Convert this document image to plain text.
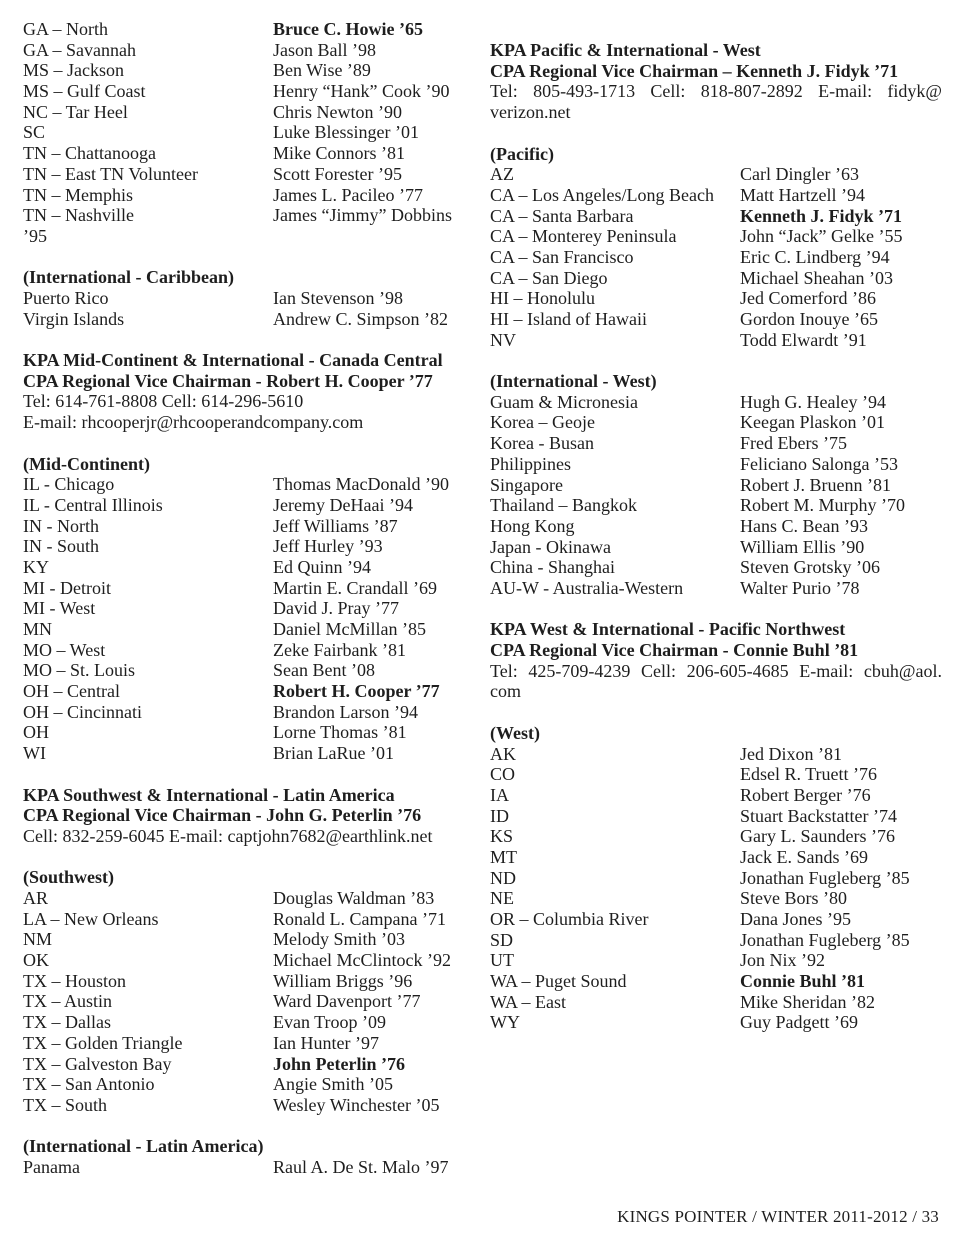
GA – North	Bruce C. Howie ’65
GA – Savannah	Jason Ball ’98
MS – Jackson	Ben Wise ’89
MS – Gulf Coast	Henry “Hank” Cook ’90
NC – Tar Heel	Chris Newton ’90
SC	Luke Blessinger ’01
TN – Chattanooga	Mike Connors ’81
TN – East TN Volunteer	Scott Forester ’95
TN – Memphis	James L. Pacileo ’77
TN – Nashville	James “Jimmy” Dobbins
’95
(International - Caribbean)
Puerto Rico	Ian Stevenson ’98
Virgin Islands	Andrew C. Simpson ’82
KPA Mid-Continent & International - Canada Central
CPA Regional Vice Chairman - Robert H. Cooper ’77
Tel: 614-761-8808 Cell: 614-296-5610
E-mail: rhcooperjr@rhcooperandcompany.com
(Mid-Continent)
IL - Chicago	Thomas MacDonald ’90
IL - Central Illinois	Jeremy DeHaai ’94
IN - North	Jeff Williams ’87
IN - South	Jeff Hurley ’93
KY	Ed Quinn ’94
MI - Detroit	Martin E. Crandall ’69
MI - West	David J. Pray ’77
MN	Daniel McMillan ’85
MO – West	Zeke Fairbank ’81
MO – St. Louis	Sean Bent ’08
OH – Central	Robert H. Cooper ’77
OH – Cincinnati	Brandon Larson ’94
OH	Lorne Thomas ’81
WI	Brian LaRue ’01
KPA Southwest & International - Latin America
CPA Regional Vice Chairman - John G. Peterlin ’76
Cell: 832-259-6045 E-mail: captjohn7682@earthlink.net
(Southwest)
AR	Douglas Waldman ’83
LA – New Orleans	Ronald L. Campana ’71
NM	Melody Smith ’03
OK	Michael McClintock ’92
TX – Houston	William Briggs ’96
TX – Austin	Ward Davenport ’77
TX – Dallas	Evan Troop ’09
TX – Golden Triangle	Ian Hunter ’97
TX – Galveston Bay	John Peterlin ’76
TX – San Antonio	Angie Smith ’05
TX – South	Wesley Winchester ’05
(International - Latin America)
Panama	Raul A. De St. Malo ’97
KPA Pacific & International - West
CPA Regional Vice Chairman – Kenneth J. Fidyk ’71
Tel: 805-493-1713 Cell: 818-807-2892 E-mail: fidyk@
verizon.net
(Pacific)
AZ	Carl Dingler ’63
CA – Los Angeles/Long Beach	Matt Hartzell ’94
CA – Santa Barbara	Kenneth J. Fidyk ’71
CA – Monterey Peninsula	John “Jack” Gelke ’55
CA – San Francisco	Eric C. Lindberg ’94
CA – San Diego	Michael Sheahan ’03
HI – Honolulu	Jed Comerford ’86
HI – Island of Hawaii	Gordon Inouye ’65
NV	Todd Elwardt ’91
(International - West)
Guam & Micronesia	Hugh G. Healey ’94
Korea – Geoje	Keegan Plaskon ’01
Korea - Busan	Fred Ebers ’75
Philippines	Feliciano Salonga ’53
Singapore	Robert J. Bruenn ’81
Thailand – Bangkok	Robert M. Murphy ’70
Hong Kong	Hans C. Bean ’93
Japan - Okinawa	William Ellis ’90
China - Shanghai	Steven Grotsky ’06
AU-W - Australia-Western	Walter Purio ’78
KPA West & International - Pacific Northwest
CPA Regional Vice Chairman - Connie Buhl ’81
Tel: 425-709-4239 Cell: 206-605-4685 E-mail: cbuh@aol.
com
(West)
AK	Jed Dixon ’81
CO	Edsel R. Truett ’76
IA	Robert Berger ’76
ID	Stuart Backstatter ’74
KS	Gary L. Saunders ’76
MT	Jack E. Sands ’69
ND	Jonathan Fugleberg ’85
NE	Steve Bors ’80
OR – Columbia River	Dana Jones ’95
SD	Jonathan Fugleberg ’85
UT	Jon Nix ’92
WA – Puget Sound	Connie Buhl ’81
WA – East	Mike Sheridan ’82
WY	Guy Padgett ’69
KINGS POINTER / WINTER 2011-2012 / 33
